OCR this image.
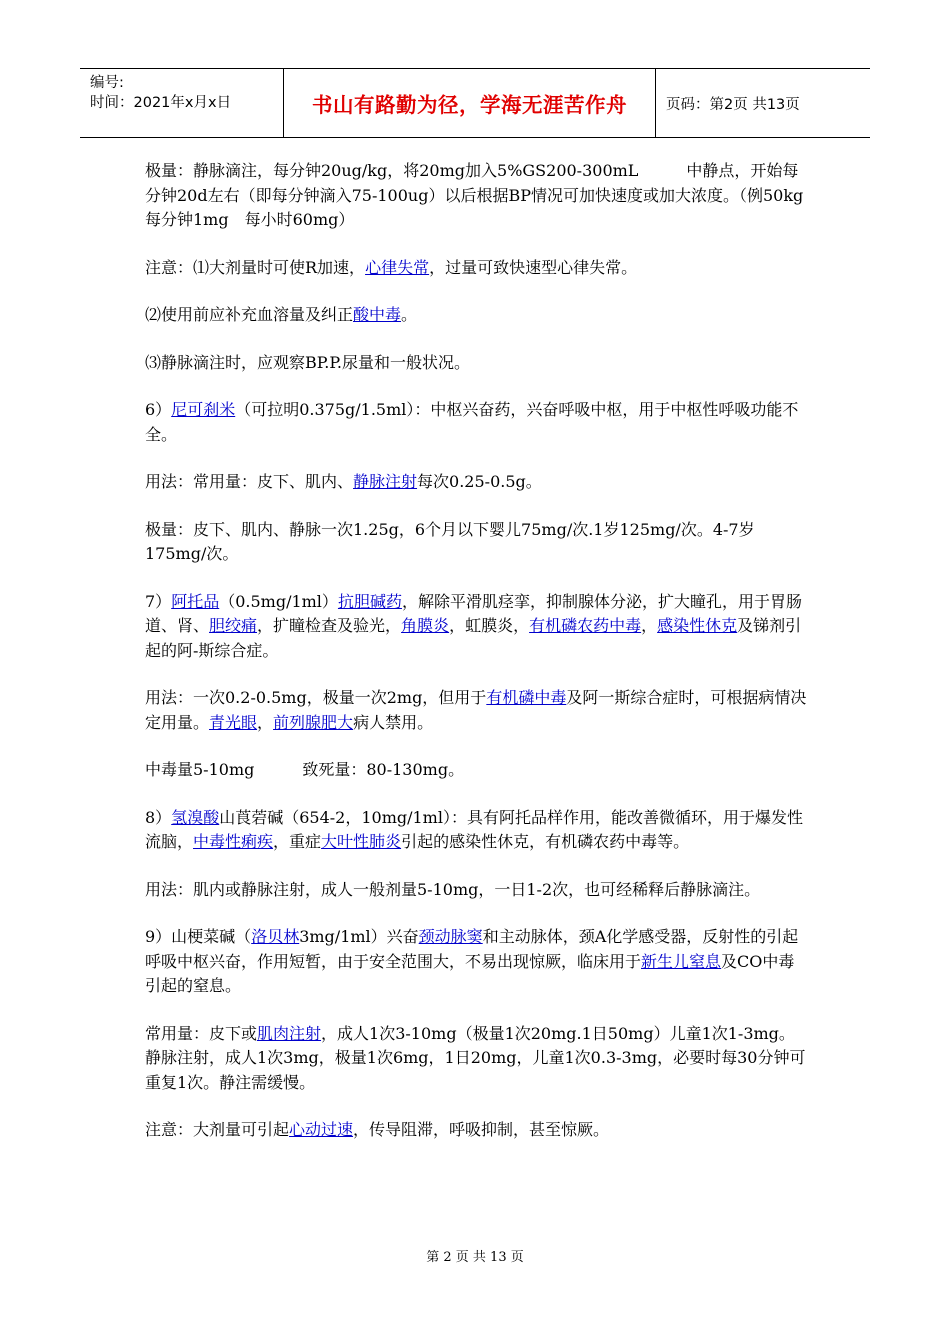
编号:
时间：2021年x月x日	书山有路勤为径，学海无涯苦作舟	页码：第2页 共13页

极量：静脉滴注，每分钟20ug/kg，将20mg加入5%GS200-300mL　　　中静点，开始每分钟20d左右（即每分钟滴入75-100ug）以后根据BP情况可加快速度或加大浓度。（例50kg　每分钟1mg　每小时60mg）

注意：⑴大剂量时可使R加速，心律失常，过量可致快速型心律失常。

⑵使用前应补充血溶量及纠正酸中毒。

⑶静脉滴注时，应观察BP.P.尿量和一般状况。

6）尼可刹米（可拉明0.375g/1.5ml）：中枢兴奋药，兴奋呼吸中枢，用于中枢性呼吸功能不全。

用法：常用量：皮下、肌内、静脉注射每次0.25-0.5g。

极量：皮下、肌内、静脉一次1.25g，6个月以下婴儿75mg/次.1岁125mg/次。4-7岁175mg/次。

7）阿托品（0.5mg/1ml）抗胆碱药，解除平滑肌痉挛，抑制腺体分泌，扩大瞳孔，用于胃肠道、肾、胆绞痛，扩瞳检查及验光，角膜炎，虹膜炎，有机磷农药中毒，感染性休克及锑剂引起的阿-斯综合症。

用法：一次0.2-0.5mg，极量一次2mg，但用于有机磷中毒及阿一斯综合症时，可根据病情决定用量。青光眼，前列腺肥大病人禁用。

中毒量5-10mg　　　致死量：80-130mg。

8）氢溴酸山莨菪碱（654-2，10mg/1ml）：具有阿托品样作用，能改善微循环，用于爆发性流脑，中毒性痢疾，重症大叶性肺炎引起的感染性休克，有机磷农药中毒等。

用法：肌内或静脉注射，成人一般剂量5-10mg，一日1-2次，也可经稀释后静脉滴注。

9）山梗菜碱（洛贝林3mg/1ml）兴奋颈动脉窦和主动脉体，颈A化学感受器，反射性的引起呼吸中枢兴奋，作用短暂，由于安全范围大，不易出现惊厥，临床用于新生儿窒息及CO中毒引起的窒息。

常用量：皮下或肌肉注射，成人1次3-10mg（极量1次20mg.1日50mg）儿童1次1-3mg。静脉注射，成人1次3mg，极量1次6mg，1日20mg，儿童1次0.3-3mg，必要时每30分钟可重复1次。静注需缓慢。

注意：大剂量可引起心动过速，传导阻滞，呼吸抑制，甚至惊厥。

第 2 页 共 13 页
